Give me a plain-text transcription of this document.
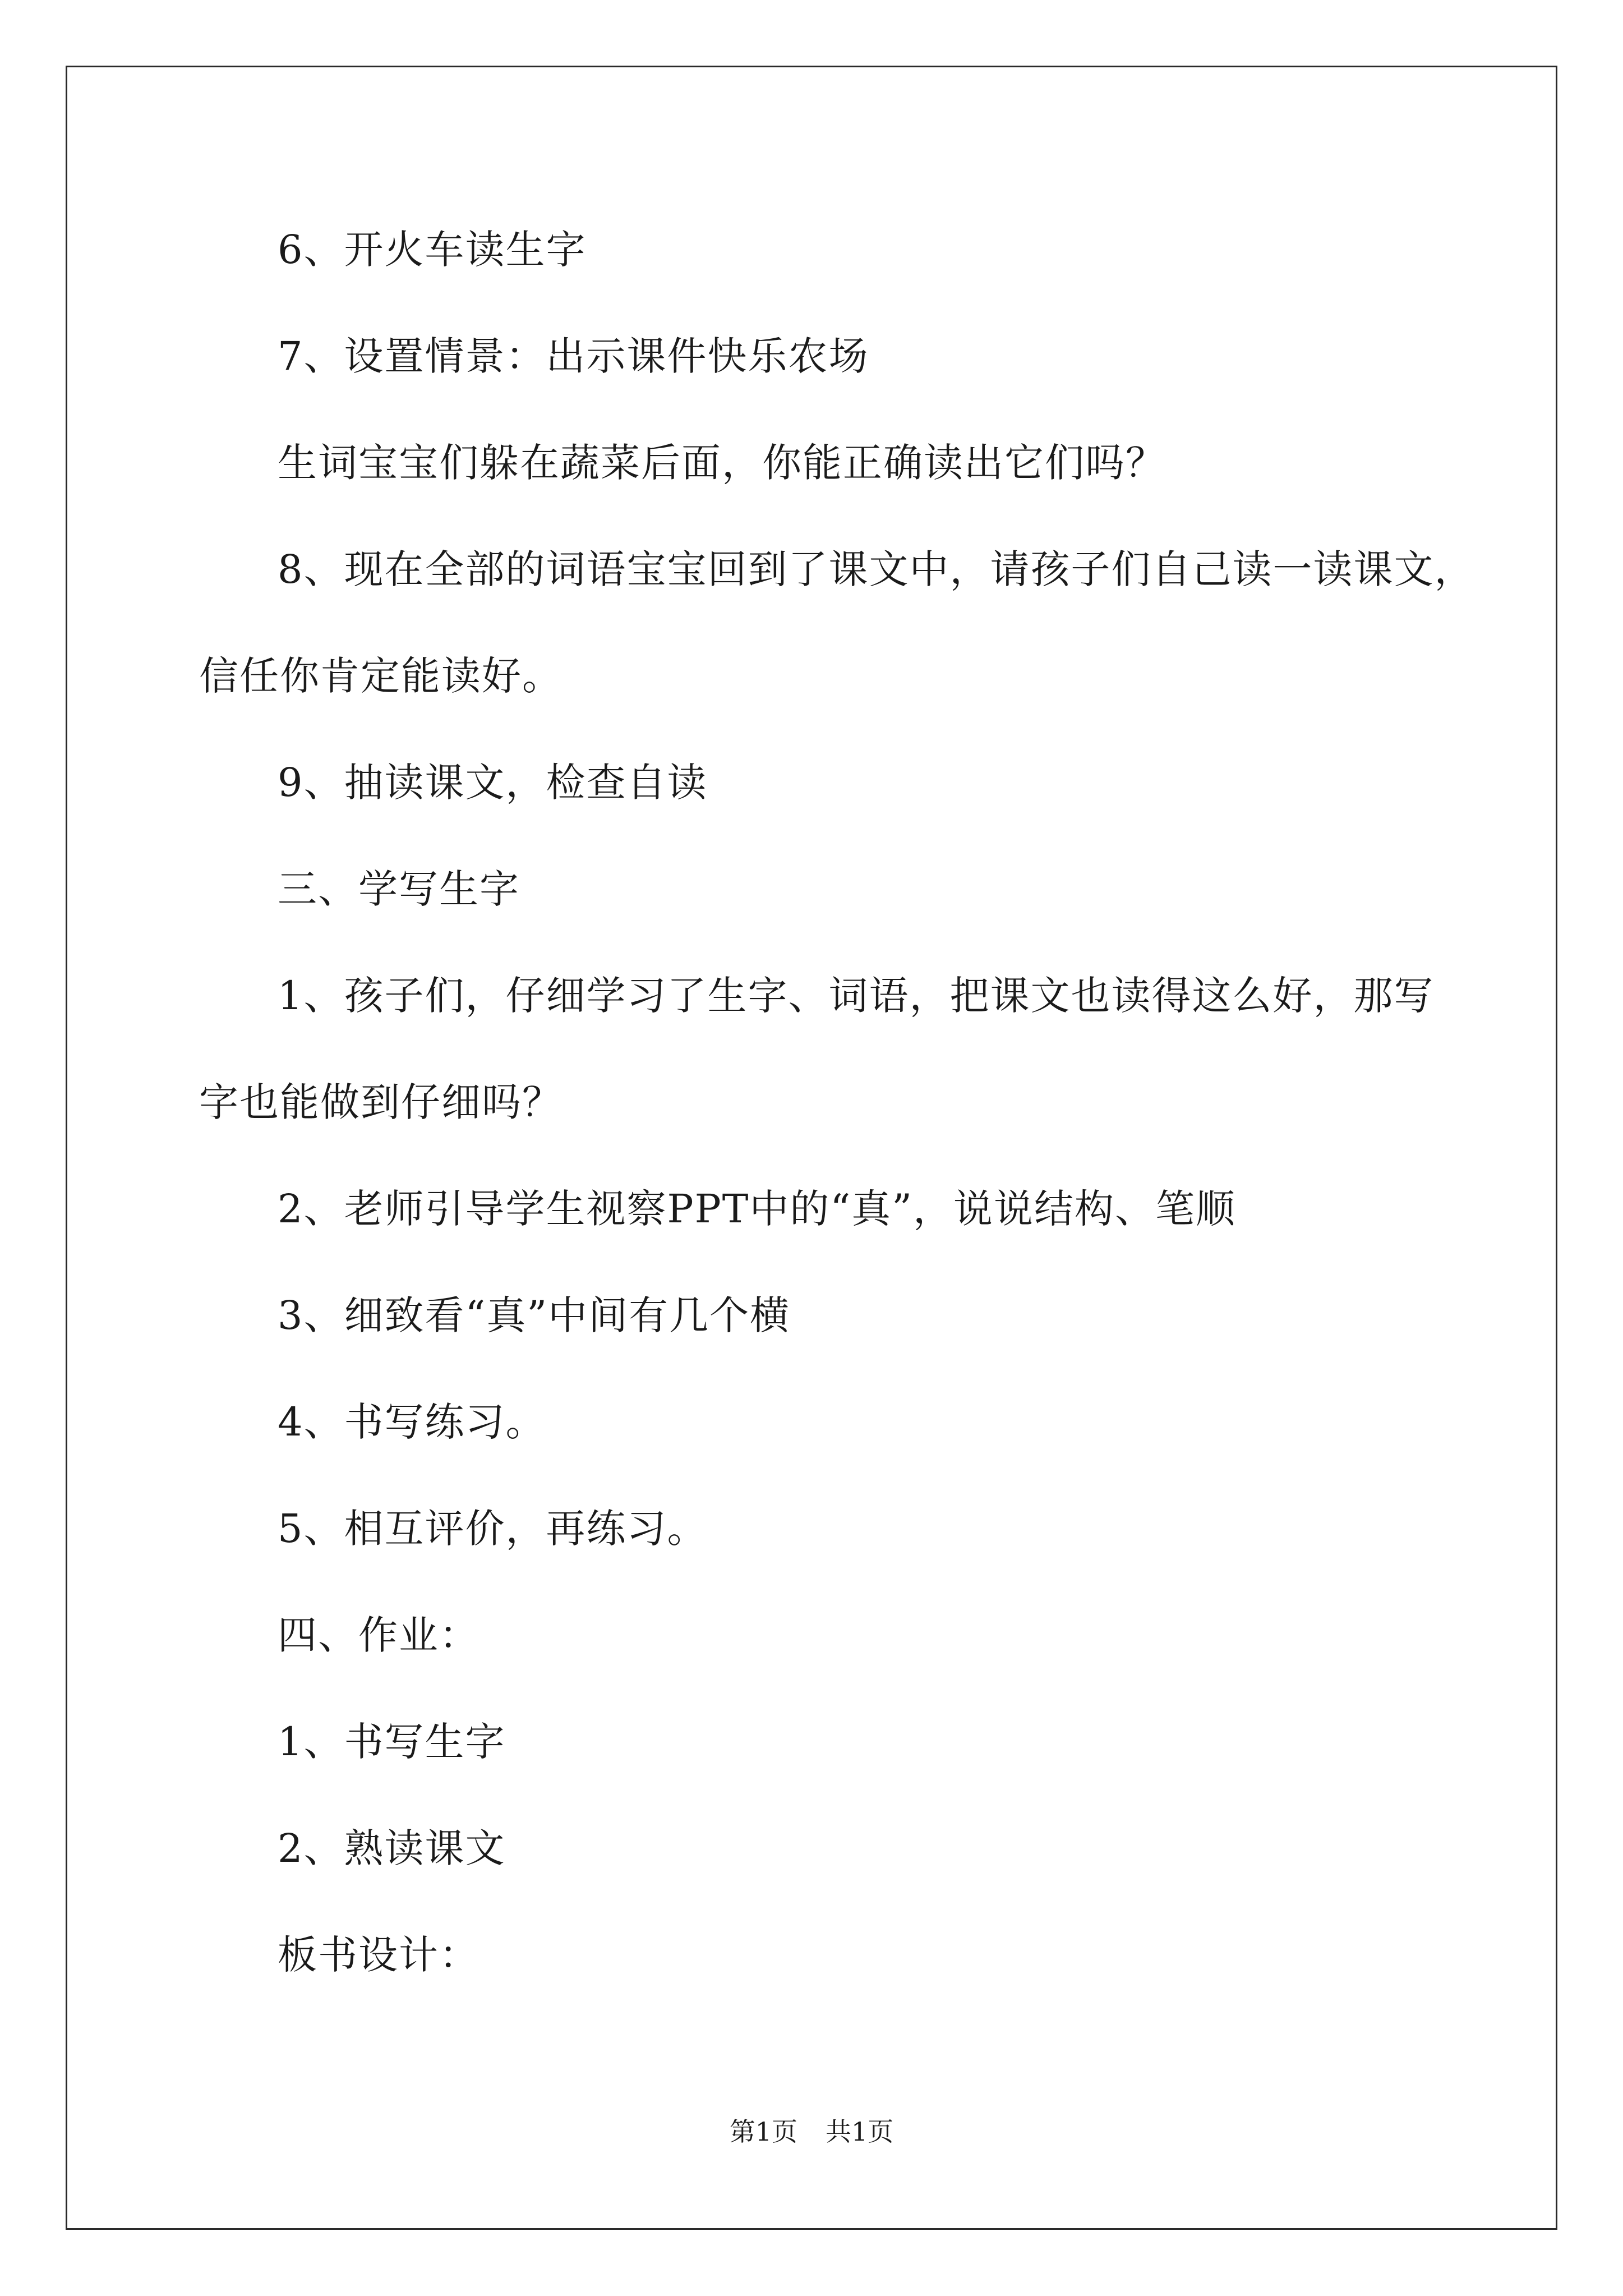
6、开火车读生字
7、设置情景：出示课件快乐农场
生词宝宝们躲在蔬菜后面，你能正确读出它们吗？
8、现在全部的词语宝宝回到了课文中，请孩子们自己读一读课文，
信任你肯定能读好。
9、抽读课文，检查自读
三、学写生字
1、孩子们，仔细学习了生字、词语，把课文也读得这么好，那写
字也能做到仔细吗？
2、老师引导学生视察PPT中的“真”，说说结构、笔顺
3、细致看“真”中间有几个横
4、书写练习。
5、相互评价，再练习。
四、作业：
1、书写生字
2、熟读课文
板书设计：
第1页 共1页
